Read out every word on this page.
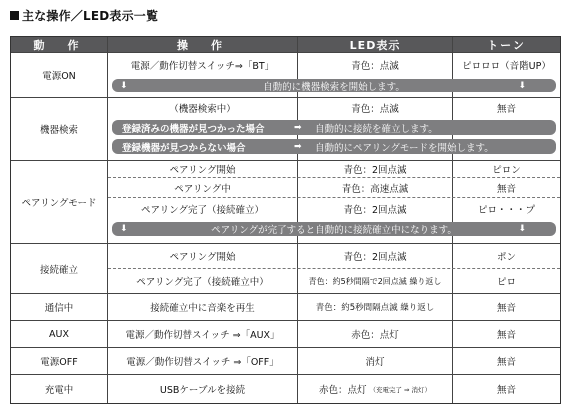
主な操作／LED表示一覧
動　作	操　作	LED表示	トーン
電源ON
電源／動作切替スイッチ⇒「BT」	青色：点滅	ピロロロ（音階UP）
⬇	自動的に機器検索を開始します。	⬇
機器検索
（機器検索中）	青色：点滅	無音
登録済みの機器が見つかった場合	➡ 自動的に接続を確立します。
登録機器が見つからない場合	➡ 自動的にペアリングモードを開始します。
ペアリングモード
ペアリング開始	青色：2回点滅	ピロン
ペアリング中	青色：高速点滅	無音
ペアリング完了（接続確立）	青色：2回点滅	ピロ・・・プ
⬇	ペアリングが完了すると自動的に接続確立中になります。	⬇
接続確立
ペアリング開始	青色：2回点滅	ポン
ペアリング完了（接続確立中）	青色：約5秒間隔で2回点滅 繰り返し	ピロ
通信中	接続確立中に音楽を再生	青色：約5秒間隔点滅 繰り返し	無音
AUX	電源／動作切替スイッチ ⇒「AUX」	赤色：点灯	無音
電源OFF	電源／動作切替スイッチ ⇒「OFF」	消灯	無音
充電中	USBケーブルを接続	赤色：点灯 （充電完了 ⇒ 消灯）	無音
